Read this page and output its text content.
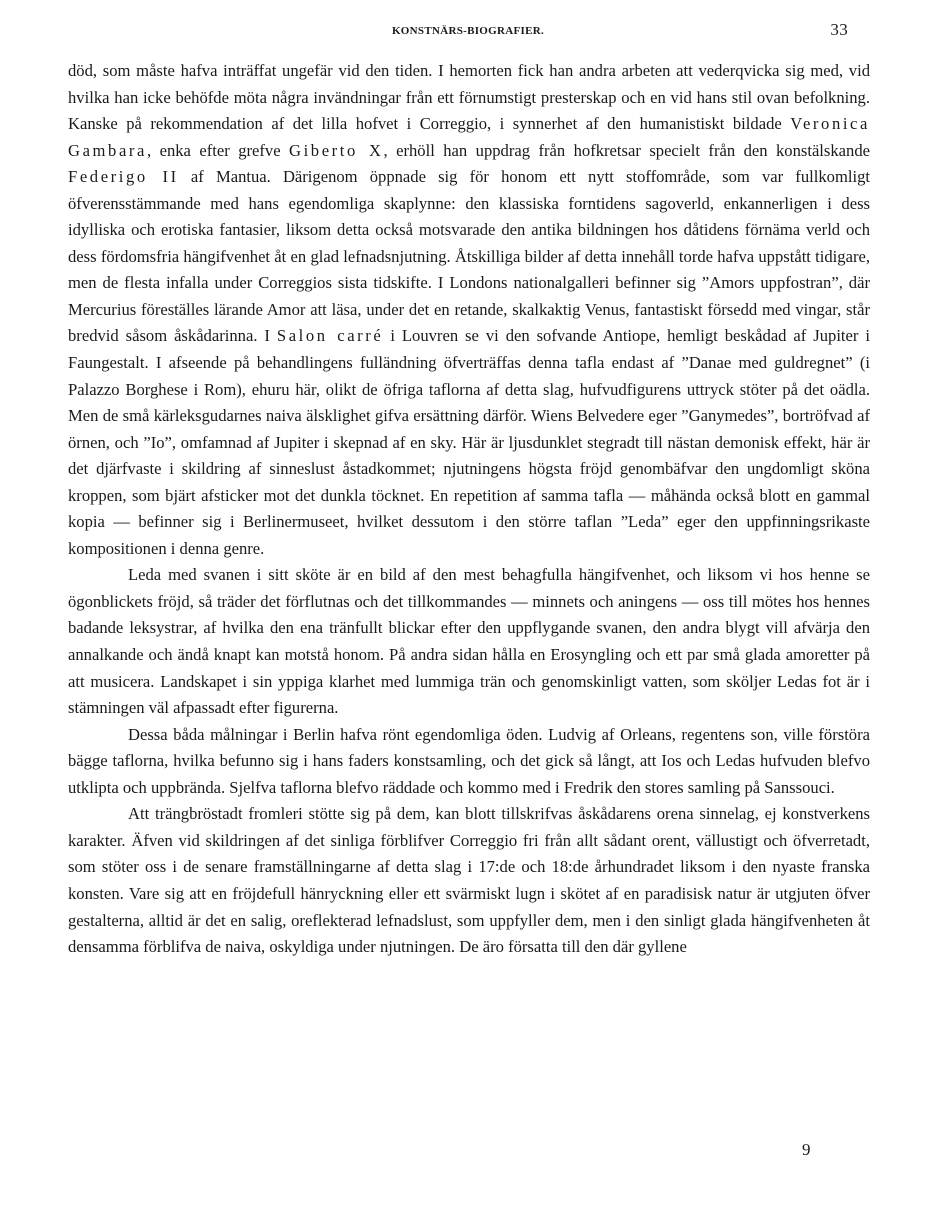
KONSTNÄRS-BIOGRAFIER.	33

död, som måste hafva inträffat ungefär vid den tiden. I hemorten fick han andra arbeten att vederqvicka sig med, vid hvilka han icke behöfde möta några invändningar från ett förnumstigt presterskap och en vid hans stil ovan befolkning. Kanske på rekommendation af det lilla hofvet i Correggio, i synnerhet af den humanistiskt bildade Veronica Gambara, enka efter grefve Giberto X, erhöll han uppdrag från hofkretsar specielt från den konstälskande Federigo II af Mantua. Därigenom öppnade sig för honom ett nytt stoffområde, som var fullkomligt öfverensstämmande med hans egendomliga skaplynne: den klassiska forntidens sagoverld, enkannerligen i dess idylliska och erotiska fantasier, liksom detta också motsvarade den antika bildningen hos dåtidens förnäma verld och dess fördomsfria hängifvenhet åt en glad lefnadsnjutning. Åtskilliga bilder af detta innehåll torde hafva uppstått tidigare, men de flesta infalla under Correggios sista tidskifte. I Londons nationalgalleri befinner sig ”Amors uppfostran”, där Mercurius föreställes lärande Amor att läsa, under det en retande, skalkaktig Venus, fantastiskt försedd med vingar, står bredvid såsom åskådarinna. I Salon carré i Louvren se vi den sofvande Antiope, hemligt beskådad af Jupiter i Faungestalt. I afseende på behandlingens fulländning öfverträffas denna tafla endast af ”Danae med guldregnet” (i Palazzo Borghese i Rom), ehuru här, olikt de öfriga taflorna af detta slag, hufvudfigurens uttryck stöter på det oädla. Men de små kärleksgudarnes naiva älsklighet gifva ersättning därför. Wiens Belvedere eger ”Ganymedes”, bortröfvad af örnen, och ”Io”, omfamnad af Jupiter i skepnad af en sky. Här är ljusdunklet stegradt till nästan demonisk effekt, här är det djärfvaste i skildring af sinneslust åstadkommet; njutningens högsta fröjd genombäfvar den ungdomligt sköna kroppen, som bjärt afsticker mot det dunkla töcknet. En repetition af samma tafla — måhända också blott en gammal kopia — befinner sig i Berlinermuseet, hvilket dessutom i den större taflan ”Leda” eger den uppfinningsrikaste kompositionen i denna genre.

Leda med svanen i sitt sköte är en bild af den mest behagfulla hängifvenhet, och liksom vi hos henne se ögonblickets fröjd, så träder det förflutnas och det tillkommandes — minnets och aningens — oss till mötes hos hennes badande leksystrar, af hvilka den ena tränfullt blickar efter den uppflygande svanen, den andra blygt vill afvärja den annalkande och ändå knapt kan motstå honom. På andra sidan hålla en Erosyngling och ett par små glada amoretter på att musicera. Landskapet i sin yppiga klarhet med lummiga trän och genomskinligt vatten, som sköljer Ledas fot är i stämningen väl afpassadt efter figurerna.

Dessa båda målningar i Berlin hafva rönt egendomliga öden. Ludvig af Orleans, regentens son, ville förstöra bägge taflorna, hvilka befunno sig i hans faders konstsamling, och det gick så långt, att Ios och Ledas hufvuden blefvo utklipta och uppbrända. Sjelfva taflorna blefvo räddade och kommo med i Fredrik den stores samling på Sanssouci.

Att trängbröstadt fromleri stötte sig på dem, kan blott tillskrifvas åskådarens orena sinnelag, ej konstverkens karakter. Äfven vid skildringen af det sinliga förblifver Correggio fri från allt sådant orent, vällustigt och öfverretadt, som stöter oss i de senare framställningarne af detta slag i 17:de och 18:de århundradet liksom i den nyaste franska konsten. Vare sig att en fröjdefull hänryckning eller ett svärmiskt lugn i skötet af en paradisisk natur är utgjuten öfver gestalterna, alltid är det en salig, oreflekterad lefnadslust, som uppfyller dem, men i den sinligt glada hängifvenheten åt densamma förblifva de naiva, oskyldiga under njutningen. De äro försatta till den där gyllene

9
